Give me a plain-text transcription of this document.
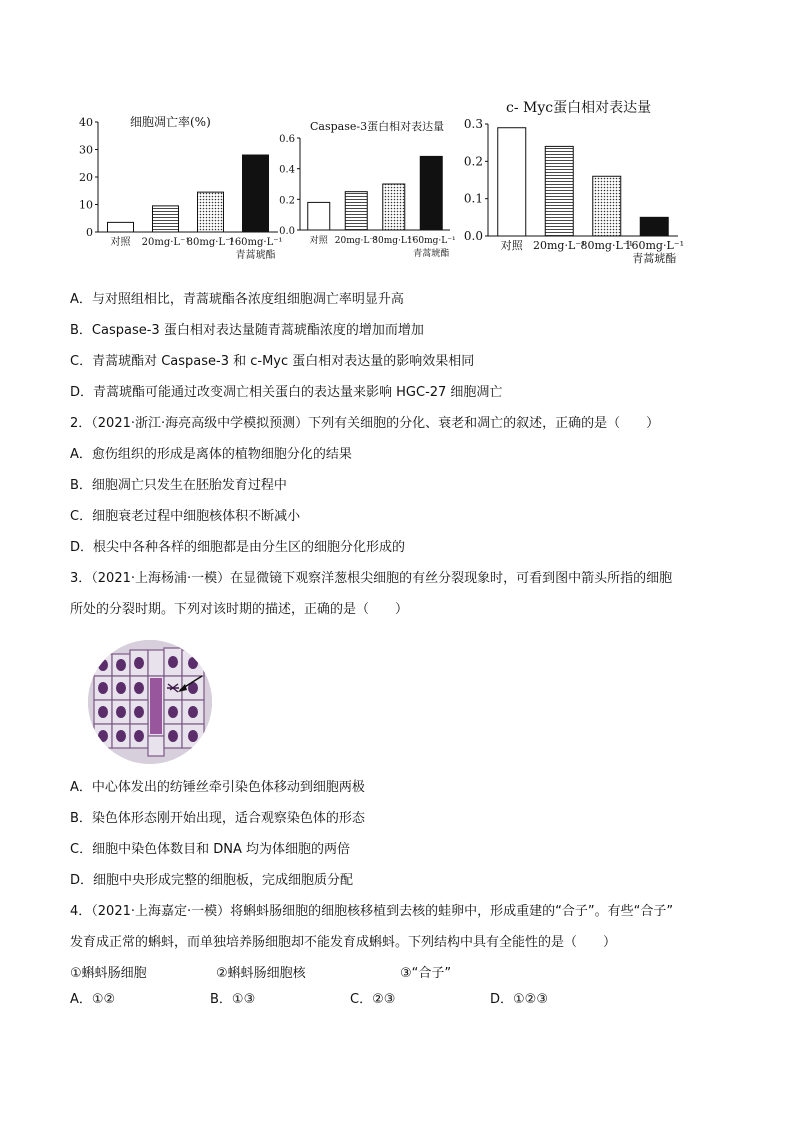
细胞凋亡率(%)
0
10
20
30
40
对照 20mg·L⁻¹
80mg·L⁻¹
160mg·L⁻¹
青蒿琥酯
Caspase-3蛋白相对表达量
0.0
0.2
0.4
0.6
对照 20mg·L⁻¹
80mg·L⁻¹
160mg·L⁻¹
青蒿琥酯
c- Myc蛋白相对表达量
0.0
0.1
0.2
0.3
对照 20mg·L⁻¹
80mg·L⁻¹
160mg·L⁻¹
青蒿琥酯
A．与对照组相比，青蒿琥酯各浓度组细胞凋亡率明显升高
B．Caspase-3 蛋白相对表达量随青蒿琥酯浓度的增加而增加
C．青蒿琥酯对 Caspase-3 和 c-Myc 蛋白相对表达量的影响效果相同
D．青蒿琥酯可能通过改变凋亡相关蛋白的表达量来影响 HGC-27 细胞凋亡
2．（2021·浙江·海亮高级中学模拟预测）下列有关细胞的分化、衰老和凋亡的叙述，正确的是（　　）
A．愈伤组织的形成是离体的植物细胞分化的结果
B．细胞凋亡只发生在胚胎发育过程中
C．细胞衰老过程中细胞核体积不断减小
D．根尖中各种各样的细胞都是由分生区的细胞分化形成的
3．（2021·上海杨浦·一模）在显微镜下观察洋葱根尖细胞的有丝分裂现象时，可看到图中箭头所指的细胞
所处的分裂时期。下列对该时期的描述，正确的是（　　）
A．中心体发出的纺锤丝牵引染色体移动到细胞两极
B．染色体形态刚开始出现，适合观察染色体的形态
C．细胞中染色体数目和 DNA 均为体细胞的两倍
D．细胞中央形成完整的细胞板，完成细胞质分配
4．（2021·上海嘉定·一模）将蝌蚪肠细胞的细胞核移植到去核的蛙卵中，形成重建的“合子”。有些“合子”
发育成正常的蝌蚪，而单独培养肠细胞却不能发育成蝌蚪。下列结构中具有全能性的是（　　）
①蝌蚪肠细胞	②蝌蚪肠细胞核	③“合子”
A．①②	B．①③	C．②③	D．①②③
